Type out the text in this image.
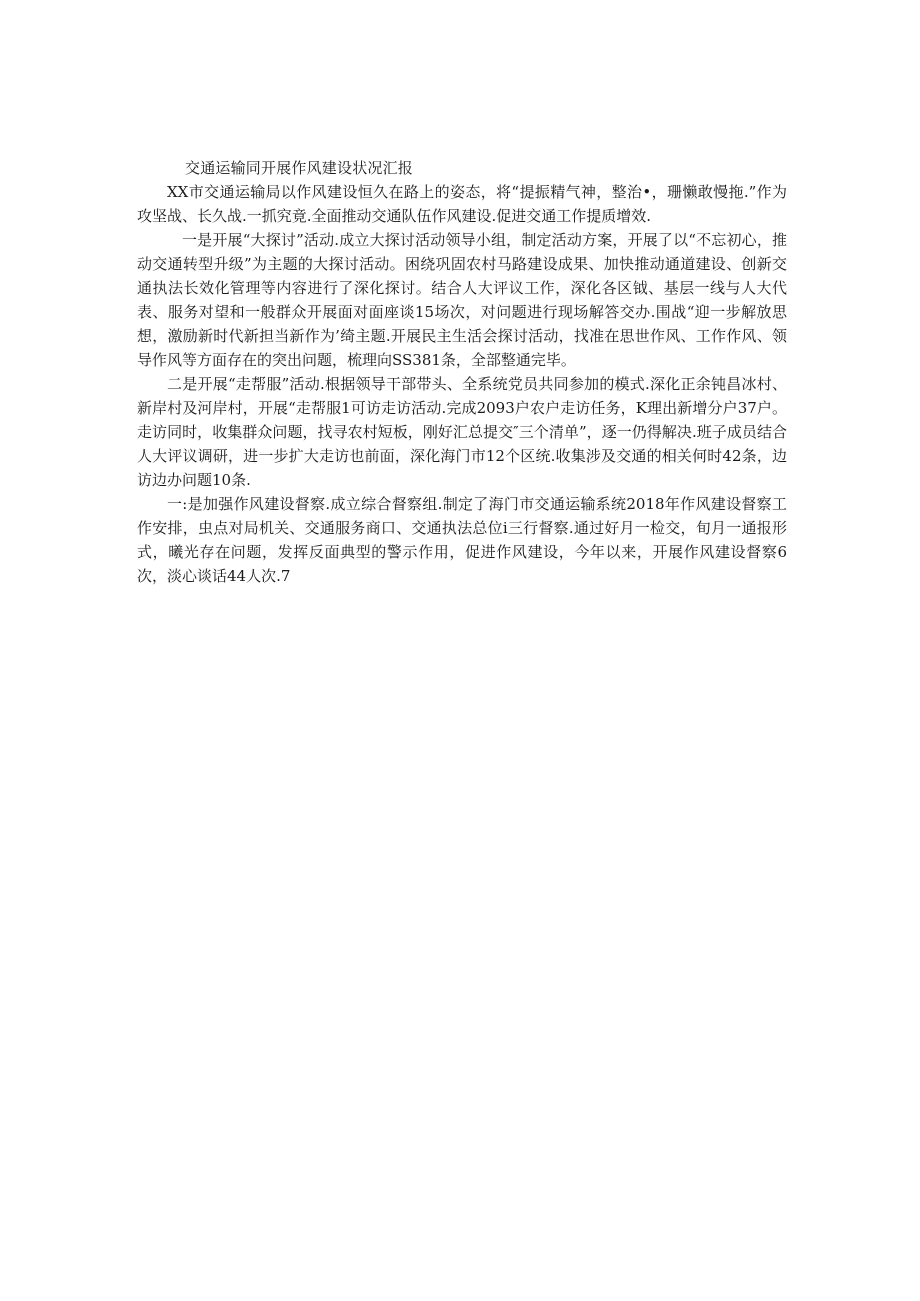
交通运输同开展作风建设状况汇报

XX市交通运输局以作风建设恒久在路上的姿态，将“提振精气神，整治•，珊懒敢慢拖.”作为攻坚战、长久战.一抓究竟.全面推动交通队伍作风建设.促进交通工作提质增效.

一是开展“大探讨”活动.成立大探讨活动领导小组，制定活动方案，开展了以“不忘初心，推动交通转型升级”为主题的大探讨活动。困绕巩固农村马路建设成果、加快推动通道建设、创新交通执法长效化管理等内容进行了深化探讨。结合人大评议工作，深化各区钺、基层一线与人大代表、服务对望和一般群众开展面对面座谈15场次，对问题进行现场解答交办.围战“迎一步解放思想，激励新时代新担当新作为’绮主题.开展民主生活会探讨活动，找准在思世作风、工作作风、领导作风等方面存在的突出问题，梳理向SS381条，全部整通完毕。

二是开展“走帮服”活动.根据领导干部带头、全系统党员共同参加的模式.深化正余钝昌冰村、新岸村及河岸村，开展“走帮服1可访走访活动.完成2093户农户走访任务，K理出新增分户37户。走访同时，收集群众问题，找寻农村短板，刚好汇总提交″三个清单”，逐一仍得解决.班子成员结合人大评议调研，进一步扩大走访也前面，深化海门市12个区统.收集涉及交通的相关何时42条，边访边办问题10条.

一:是加强作风建设督察.成立综合督察组.制定了海门市交通运输系统2018年作风建设督察工作安排，虫点对局机关、交通服务商口、交通执法总位i三行督察.通过好月一检交，旬月一通报形式，曦光存在问题，发挥反面典型的警示作用，促进作风建设，今年以来，开展作风建设督察6次，淡心谈话44人次.7
